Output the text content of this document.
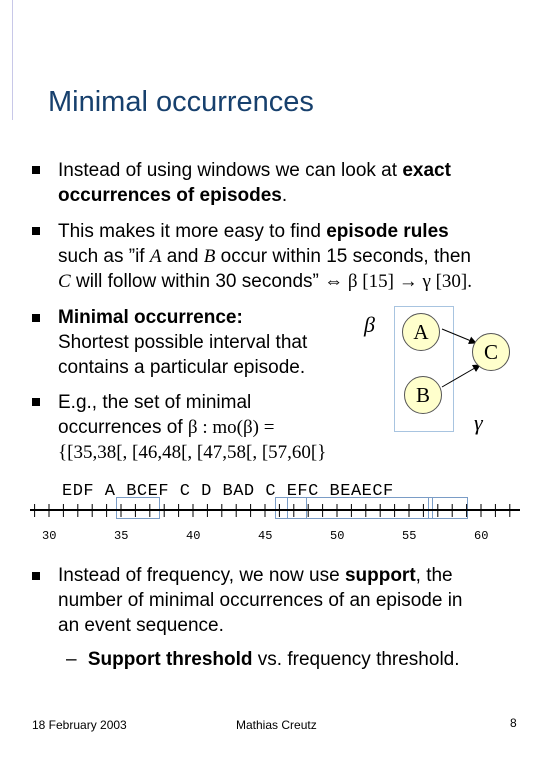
Minimal occurrences
Instead of using windows we can look at exact
occurrences of episodes.
This makes it more easy to find episode rules
such as ”if A and B occur within 15 seconds, then
C will follow within 30 seconds” ⇔ β [15] → γ [30].
Minimal occurrence:
Shortest possible interval that
contains a particular episode.
E.g., the set of minimal
occurrences of β : mo(β) =
{[35,38[, [46,48[, [47,58[, [57,60[}
β
γ
A
C
B
EDF A BCEF C D BAD C EFC BEAECF
30	35	40	45	50	55	60
Instead of frequency, we now use support, the
number of minimal occurrences of an episode in
an event sequence.
– Support threshold vs. frequency threshold.
18 February 2003	Mathias Creutz	8
